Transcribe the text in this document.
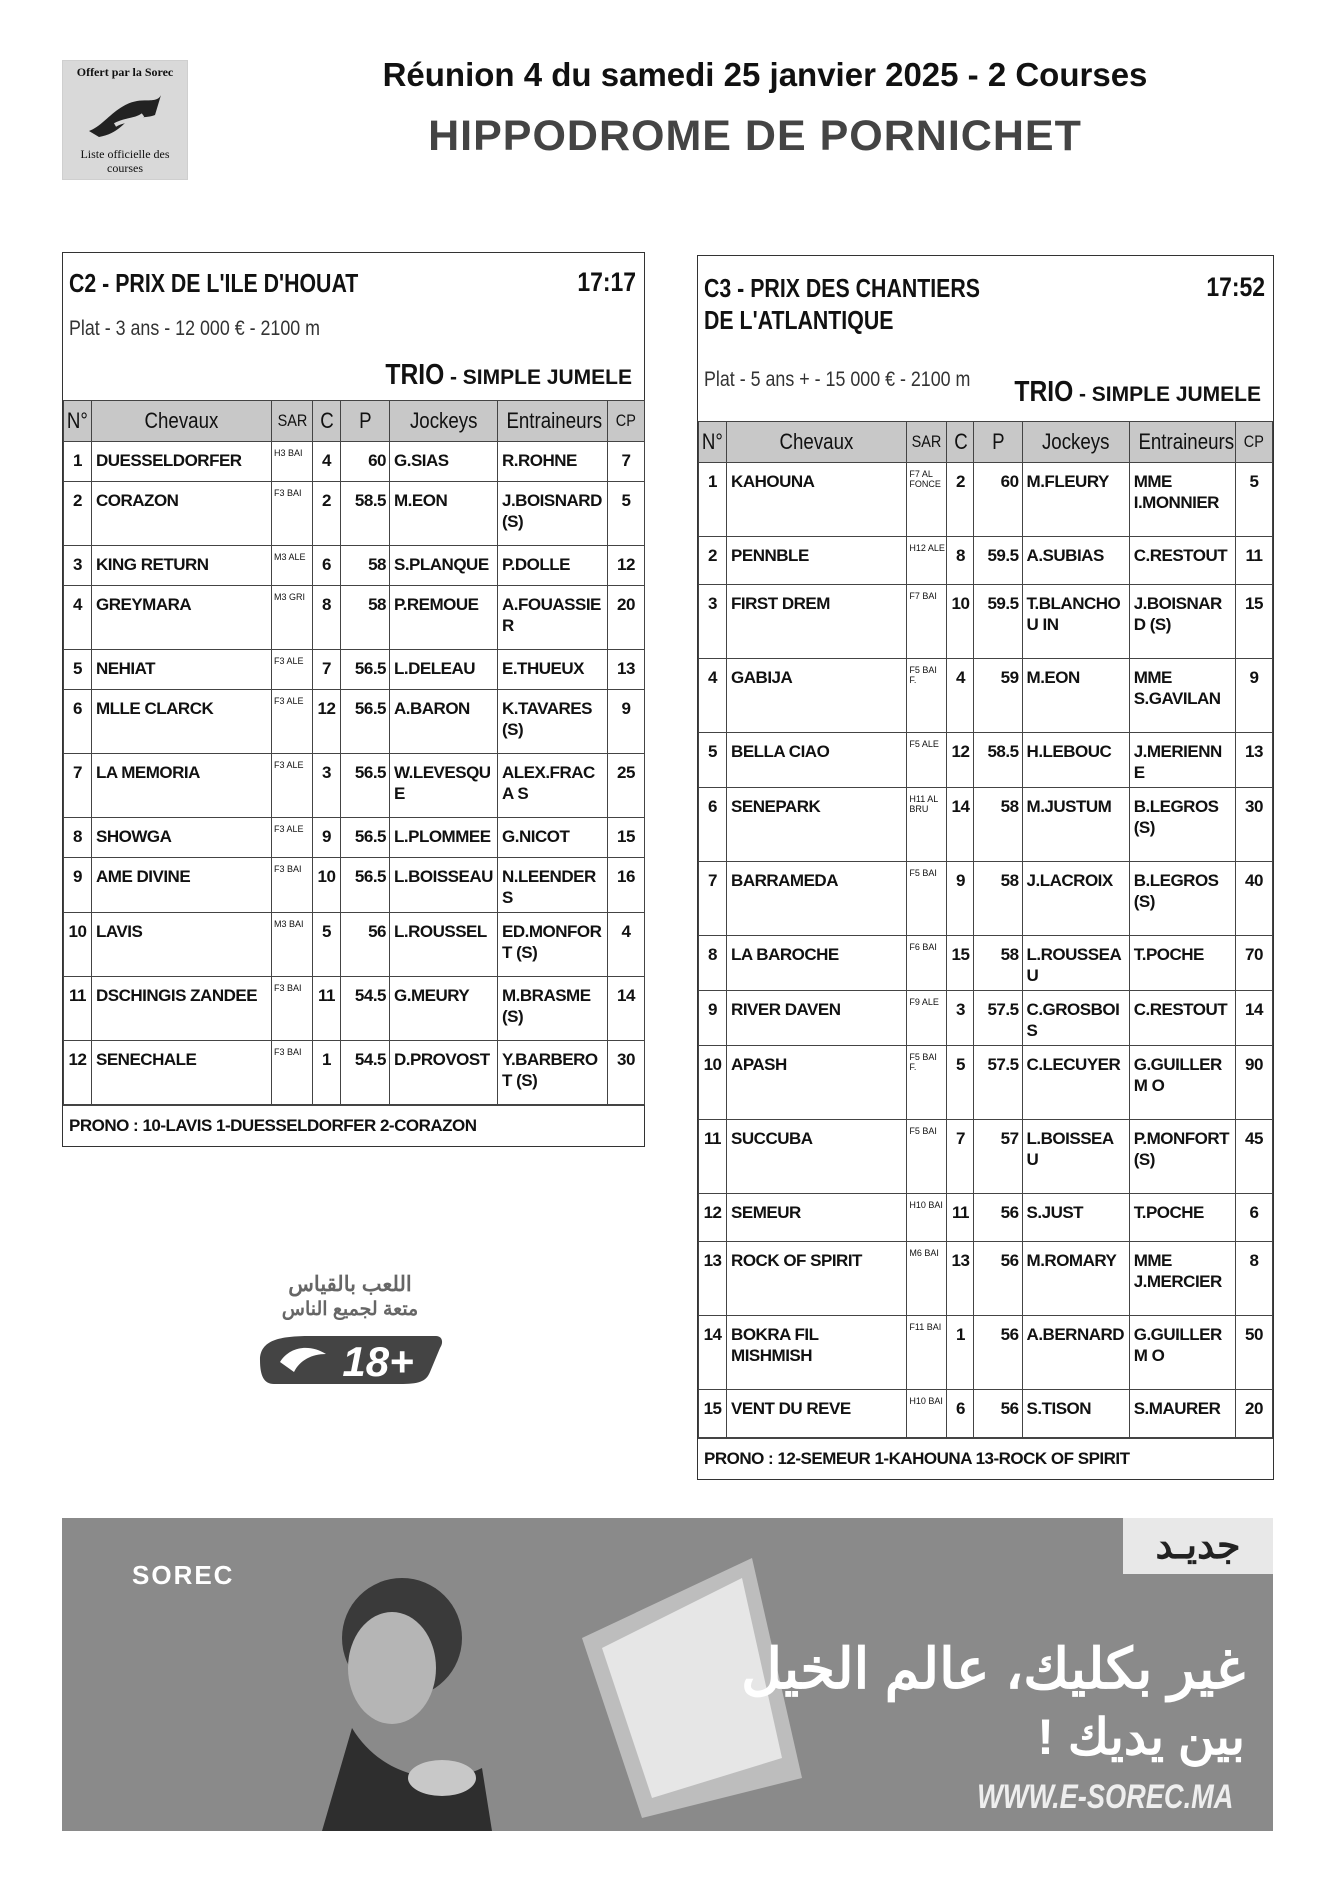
Offert par la Sorec
Liste officielle des courses
Réunion 4 du samedi 25 janvier 2025 - 2 Courses
HIPPODROME DE PORNICHET
C2 - PRIX DE L'ILE D'HOUAT	17:17
Plat - 3 ans - 12 000 € - 2100 m
TRIO - SIMPLE JUMELE
N°	Chevaux	SAR	C	P	Jockeys	Entraineurs	CP
1	DUESSELDORFER	H3 BAI	4	60	G.SIAS	R.ROHNE	7
2	CORAZON	F3 BAI	2	58.5	M.EON	J.BOISNARD (S)	5
3	KING RETURN	M3 ALE	6	58	S.PLANQUE	P.DOLLE	12
4	GREYMARA	M3 GRI	8	58	P.REMOUE	A.FOUASSIE R	20
5	NEHIAT	F3 ALE	7	56.5	L.DELEAU	E.THUEUX	13
6	MLLE CLARCK	F3 ALE	12	56.5	A.BARON	K.TAVARES (S)	9
7	LA MEMORIA	F3 ALE	3	56.5	W.LEVESQUE	ALEX.FRACA S	25
8	SHOWGA	F3 ALE	9	56.5	L.PLOMMEE	G.NICOT	15
9	AME DIVINE	F3 BAI	10	56.5	L.BOISSEAU	N.LEENDERS	16
10	LAVIS	M3 BAI	5	56	L.ROUSSEL	ED.MONFORT (S)	4
11	DSCHINGIS ZANDEE	F3 BAI	11	54.5	G.MEURY	M.BRASME (S)	14
12	SENECHALE	F3 BAI	1	54.5	D.PROVOST	Y.BARBEROT (S)	30
PRONO : 10-LAVIS 1-DUESSELDORFER 2-CORAZON
C3 - PRIX DES CHANTIERS DE L'ATLANTIQUE
17:52
Plat - 5 ans + - 15 000 € - 2100 m	TRIO - SIMPLE JUMELE
N°	Chevaux	SAR	C	P	Jockeys	Entraineurs	CP
1	KAHOUNA	F7 AL FONCE	2	60	M.FLEURY	MME I.MONNIER	5
2	PENNBLE	H12 ALE	8	59.5	A.SUBIAS	C.RESTOUT	11
3	FIRST DREM	F7 BAI	10	59.5	T.BLANCHOU IN	J.BOISNARD (S)	15
4	GABIJA	F5 BAI F.	4	59	M.EON	MME S.GAVILAN	9
5	BELLA CIAO	F5 ALE	12	58.5	H.LEBOUC	J.MERIENNE	13
6	SENEPARK	H11 AL BRU	14	58	M.JUSTUM	B.LEGROS (S)	30
7	BARRAMEDA	F5 BAI	9	58	J.LACROIX	B.LEGROS (S)	40
8	LA BAROCHE	F6 BAI	15	58	L.ROUSSEAU	T.POCHE	70
9	RIVER DAVEN	F9 ALE	3	57.5	C.GROSBOIS	C.RESTOUT	14
10	APASH	F5 BAI F.	5	57.5	C.LECUYER	G.GUILLERM O	90
11	SUCCUBA	F5 BAI	7	57	L.BOISSEAU	P.MONFORT (S)	45
12	SEMEUR	H10 BAI	11	56	S.JUST	T.POCHE	6
13	ROCK OF SPIRIT	M6 BAI	13	56	M.ROMARY	MME J.MERCIER	8
14	BOKRA FIL MISHMISH	F11 BAI	1	56	A.BERNARD	G.GUILLERM O	50
15	VENT DU REVE	H10 BAI	6	56	S.TISON	S.MAURER	20
PRONO : 12-SEMEUR 1-KAHOUNA 13-ROCK OF SPIRIT
اللعب بالقياس
متعة لجميع الناس
18+
SOREC
جديـد
غير بكليك، عالم الخيل
بين يديك !
WWW.E-SOREC.MA
